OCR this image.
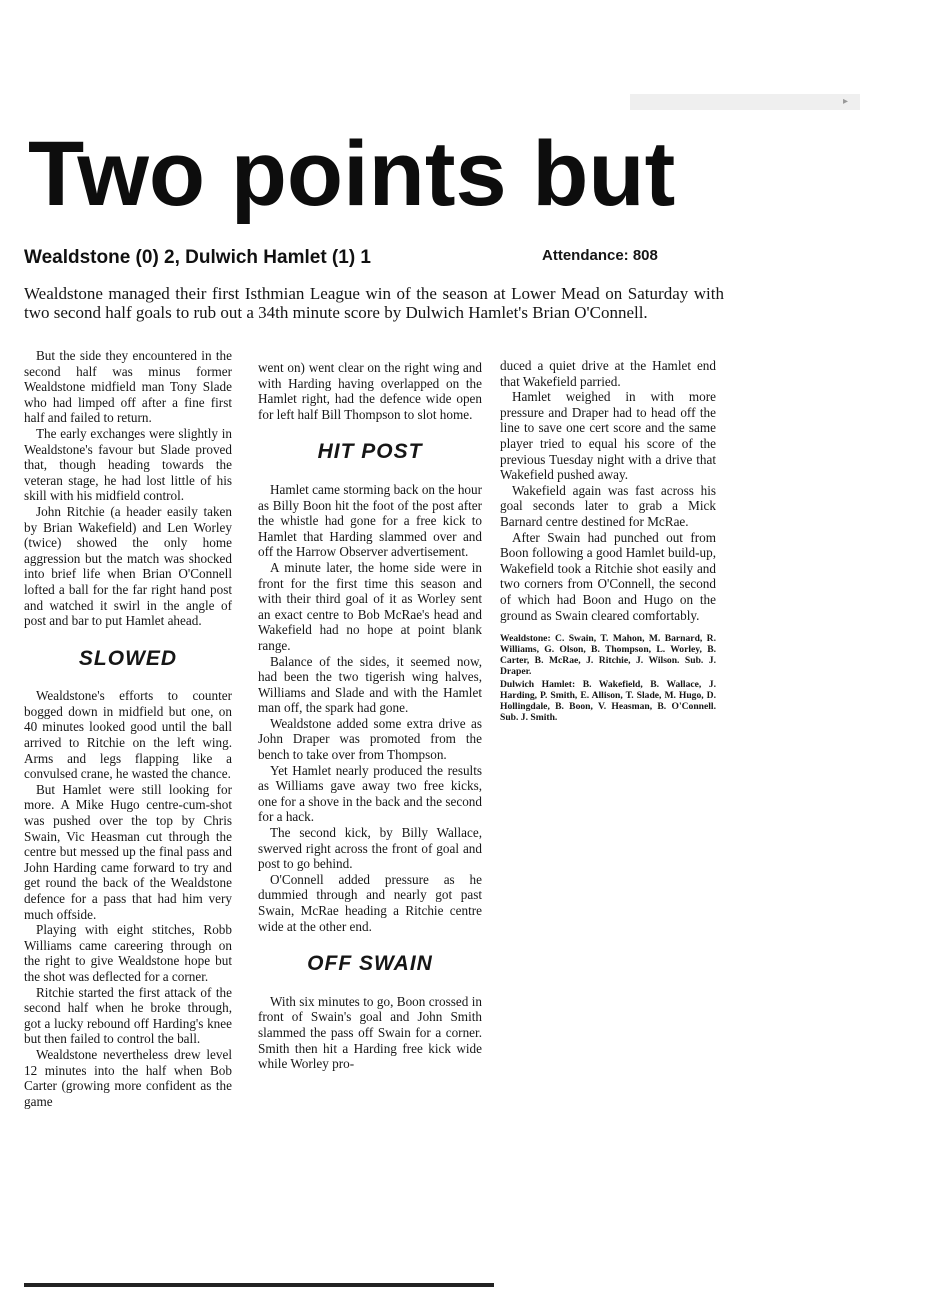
▸
Two points but
Wealdstone (0) 2, Dulwich Hamlet (1) 1	Attendance: 808

Wealdstone managed their first Isthmian League win of the season at Lower Mead on Saturday with two second half goals to rub out a 34th minute score by Dulwich Hamlet's Brian O'Connell.

But the side they encountered in the second half was minus former Wealdstone midfield man Tony Slade who had limped off after a fine first half and failed to return.

The early exchanges were slightly in Wealdstone's favour but Slade proved that, though heading towards the veteran stage, he had lost little of his skill with his midfield control.

John Ritchie (a header easily taken by Brian Wakefield) and Len Worley (twice) showed the only home aggression but the match was shocked into brief life when Brian O'Connell lofted a ball for the far right hand post and watched it swirl in the angle of post and bar to put Hamlet ahead.

SLOWED

Wealdstone's efforts to counter bogged down in midfield but one, on 40 minutes looked good until the ball arrived to Ritchie on the left wing. Arms and legs flapping like a convulsed crane, he wasted the chance.

But Hamlet were still looking for more. A Mike Hugo centre-cum-shot was pushed over the top by Chris Swain, Vic Heasman cut through the centre but messed up the final pass and John Harding came forward to try and get round the back of the Wealdstone defence for a pass that had him very much offside.

Playing with eight stitches, Robb Williams came careering through on the right to give Wealdstone hope but the shot was deflected for a corner.

Ritchie started the first attack of the second half when he broke through, got a lucky rebound off Harding's knee but then failed to control the ball.

Wealdstone nevertheless drew level 12 minutes into the half when Bob Carter (growing more confident as the game

went on) went clear on the right wing and with Harding having overlapped on the Hamlet right, had the defence wide open for left half Bill Thompson to slot home.

HIT POST

Hamlet came storming back on the hour as Billy Boon hit the foot of the post after the whistle had gone for a free kick to Hamlet that Harding slammed over and off the Harrow Observer advertisement.

A minute later, the home side were in front for the first time this season and with their third goal of it as Worley sent an exact centre to Bob McRae's head and Wakefield had no hope at point blank range.

Balance of the sides, it seemed now, had been the two tigerish wing halves, Williams and Slade and with the Hamlet man off, the spark had gone.

Wealdstone added some extra drive as John Draper was promoted from the bench to take over from Thompson.

Yet Hamlet nearly produced the results as Williams gave away two free kicks, one for a shove in the back and the second for a hack.

The second kick, by Billy Wallace, swerved right across the front of goal and post to go behind.

O'Connell added pressure as he dummied through and nearly got past Swain, McRae heading a Ritchie centre wide at the other end.

OFF SWAIN

With six minutes to go, Boon crossed in front of Swain's goal and John Smith slammed the pass off Swain for a corner. Smith then hit a Harding free kick wide while Worley pro-

duced a quiet drive at the Hamlet end that Wakefield parried.

Hamlet weighed in with more pressure and Draper had to head off the line to save one cert score and the same player tried to equal his score of the previous Tuesday night with a drive that Wakefield pushed away.

Wakefield again was fast across his goal seconds later to grab a Mick Barnard centre destined for McRae.

After Swain had punched out from Boon following a good Hamlet build-up, Wakefield took a Ritchie shot easily and two corners from O'Connell, the second of which had Boon and Hugo on the ground as Swain cleared comfortably.

Wealdstone: C. Swain, T. Mahon, M. Barnard, R. Williams, G. Olson, B. Thompson, L. Worley, B. Carter, B. McRae, J. Ritchie, J. Wilson. Sub. J. Draper.

Dulwich Hamlet: B. Wakefield, B. Wallace, J. Harding, P. Smith, E. Allison, T. Slade, M. Hugo, D. Hollingdale, B. Boon, V. Heasman, B. O'Connell. Sub. J. Smith.
